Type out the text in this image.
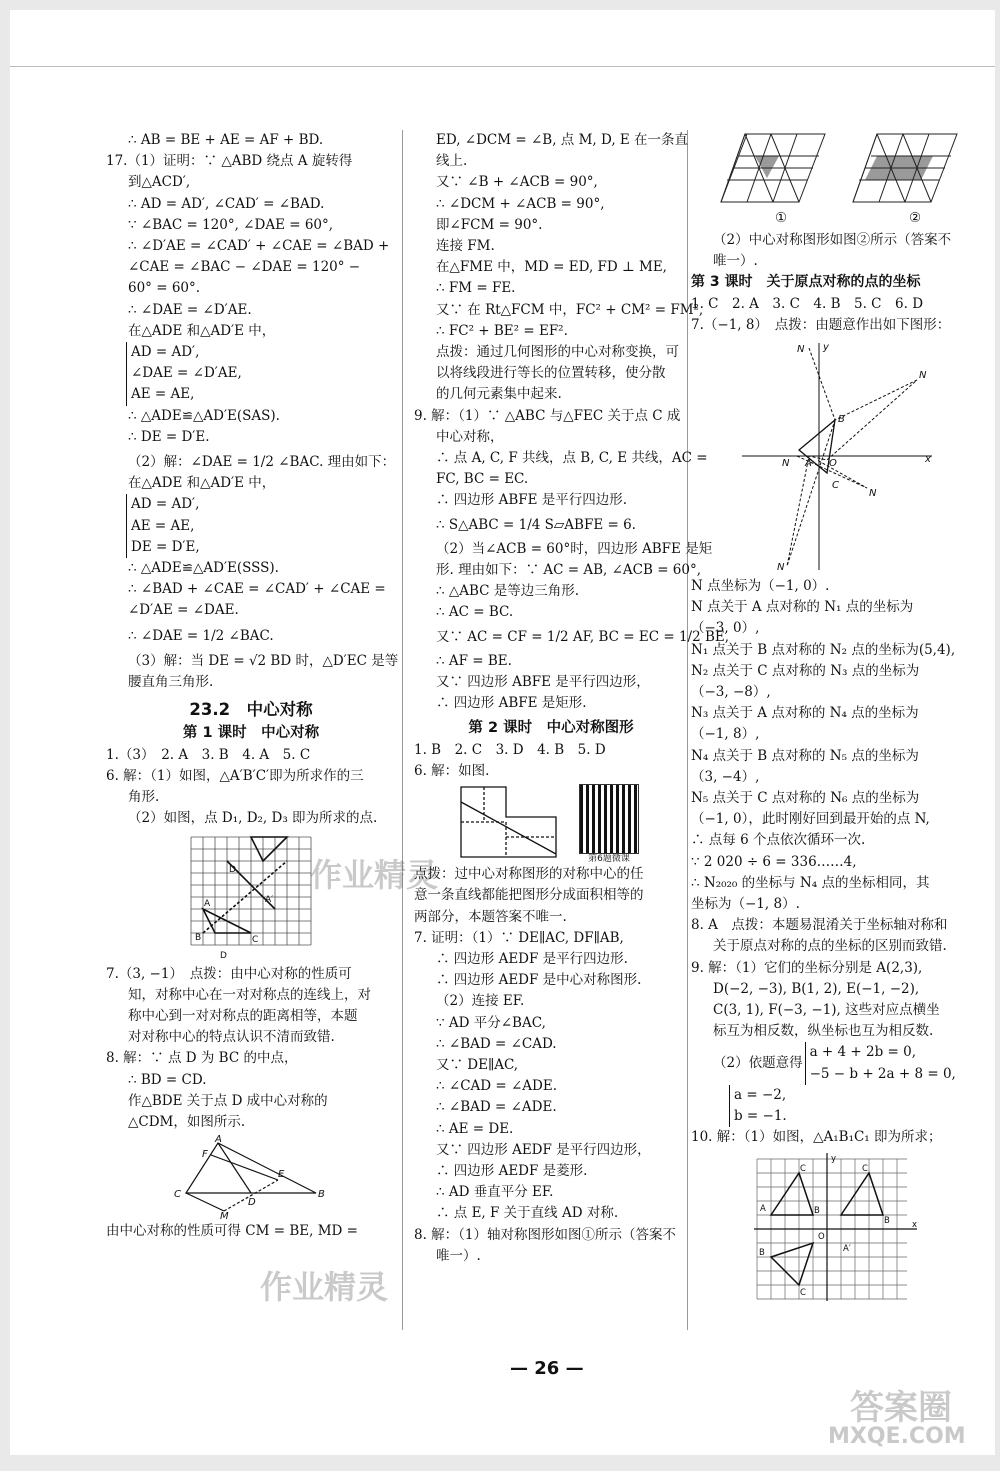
∴ AB = BE + AE = AF + BD.
17.（1）证明：∵ △ABD 绕点 A 旋转得
到△ACD′,
∴ AD = AD′, ∠CAD′ = ∠BAD.
∵ ∠BAC = 120°, ∠DAE = 60°,
∴ ∠D′AE = ∠CAD′ + ∠CAE = ∠BAD +
∠CAE = ∠BAC − ∠DAE = 120° −
60° = 60°.
∴ ∠DAE = ∠D′AE.
在△ADE 和△AD′E 中，
AD = AD′,
∠DAE = ∠D′AE,
AE = AE,
∴ △ADE≌△AD′E(SAS).
∴ DE = D′E.
（2）解：∠DAE = 1/2 ∠BAC. 理由如下：
在△ADE 和△AD′E 中，
AD = AD′,
AE = AE,
DE = D′E,
∴ △ADE≌△AD′E(SSS).
∴ ∠BAD + ∠CAE = ∠CAD′ + ∠CAE =
∠D′AE = ∠DAE.
∴ ∠DAE = 1/2 ∠BAC.
（3）解：当 DE = √2 BD 时，△D′EC 是等
腰直角三角形.
23.2　中心对称
第 1 课时　中心对称
1.（3）　2. A　3. B　4. A　5. C
6. 解：（1）如图，△A′B′C′即为所求作的三
角形.
（2）如图，点 D₁, D₂, D₃ 即为所求的点.
B	C
A
D
A′
D
7.（3, −1）　点拨：由中心对称的性质可
知，对称中心在一对对称点的连线上，对
称中心到一对对称点的距离相等，本题
对对称中心的特点认识不清而致错.
8. 解：∵ 点 D 为 BC 的中点，
∴ BD = CD.
作△BDE 关于点 D 成中心对称的
△CDM，如图所示.
A
F
C	B
E
D
M
由中心对称的性质可得 CM = BE, MD =
ED, ∠DCM = ∠B, 点 M, D, E 在一条直
线上.
又∵ ∠B + ∠ACB = 90°,
∴ ∠DCM + ∠ACB = 90°,
即∠FCM = 90°.
连接 FM.
在△FME 中，MD = ED, FD ⊥ ME,
∴ FM = FE.
又∵ 在 Rt△FCM 中，FC² + CM² = FM²,
∴ FC² + BE² = EF².
点拨：通过几何图形的中心对称变换，可
以将线段进行等长的位置转移，使分散
的几何元素集中起来.
9. 解：（1）∵ △ABC 与△FEC 关于点 C 成
中心对称，
∴ 点 A, C, F 共线，点 B, C, E 共线，AC =
FC, BC = EC.
∴ 四边形 ABFE 是平行四边形.
∴ S△ABC = 1/4 S▱ABFE = 6.
（2）当∠ACB = 60°时，四边形 ABFE 是矩
形. 理由如下：∵ AC = AB, ∠ACB = 60°,
∴ △ABC 是等边三角形.
∴ AC = BC.
又∵ AC = CF = 1/2 AF, BC = EC = 1/2 BE,
∴ AF = BE.
又∵ 四边形 ABFE 是平行四边形，
∴ 四边形 ABFE 是矩形.
第 2 课时　中心对称图形
1. B　2. C　3. D　4. B　5. D
6. 解：如图.
第6题微课
点拨：过中心对称图形的对称中心的任
意一条直线都能把图形分成面积相等的
两部分，本题答案不唯一.
7. 证明：（1）∵ DE∥AC, DF∥AB,
∴ 四边形 AEDF 是平行四边形.
∴ 四边形 AEDF 是中心对称图形.
（2）连接 EF.
∵ AD 平分∠BAC,
∴ ∠BAD = ∠CAD.
又∵ DE∥AC,
∴ ∠CAD = ∠ADE.
∴ ∠BAD = ∠ADE.
∴ AE = DE.
又∵ 四边形 AEDF 是平行四边形，
∴ 四边形 AEDF 是菱形.
∴ AD 垂直平分 EF.
∴ 点 E, F 关于直线 AD 对称.
8. 解：（1）轴对称图形如图①所示（答案不
唯一）.
①	②
（2）中心对称图形如图②所示（答案不
唯一）.
第 3 课时　关于原点对称的点的坐标
1. C　2. A　3. C　4. B　5. C　6. D
7.（−1, 8）　点拨：由题意作出如下图形：
N y
N
B
N A O	x
C
N
N
N 点坐标为（−1, 0）.
N 点关于 A 点对称的 N₁ 点的坐标为
（−3, 0）,
N₁ 点关于 B 点对称的 N₂ 点的坐标为(5,4),
N₂ 点关于 C 点对称的 N₃ 点的坐标为
（−3, −8）,
N₃ 点关于 A 点对称的 N₄ 点的坐标为
（−1, 8）,
N₄ 点关于 B 点对称的 N₅ 点的坐标为
（3, −4）,
N₅ 点关于 C 点对称的 N₆ 点的坐标为
（−1, 0），此时刚好回到最开始的点 N,
∴ 点每 6 个点依次循环一次.
∵ 2 020 ÷ 6 = 336……4,
∴ N₂₀₂₀ 的坐标与 N₄ 点的坐标相同，其
坐标为（−1, 8）.
8. A　点拨：本题易混淆关于坐标轴对称和
关于原点对称的点的坐标的区别而致错.
9. 解：（1）它们的坐标分别是 A(2,3),
D(−2, −3), B(1, 2), E(−1, −2),
C(3, 1), F(−3, −1), 这些对应点横坐
标互为相反数，纵坐标也互为相反数.
（2）依题意得
a + 4 + 2b = 0,
−5 − b + 2a + 8 = 0,
a = −2,
b = −1.
10. 解：（1）如图，△A₁B₁C₁ 即为所求；
A
C
B
y
x
O
B
C
C
B
A′
作业精灵
作业精灵
答案圈
MXQE.COM
— 26 —
